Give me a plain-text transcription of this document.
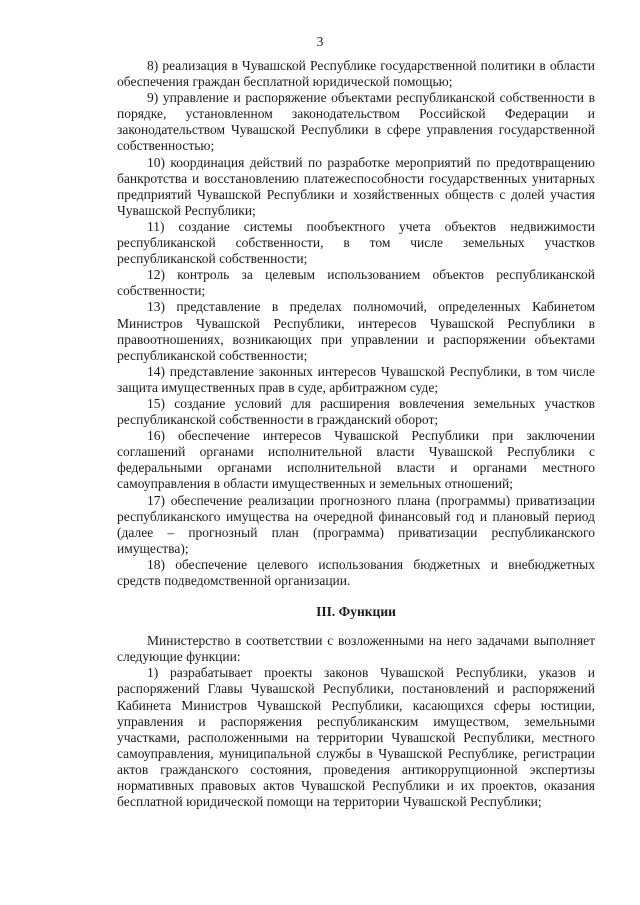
3

8) реализация в Чувашской Республике государственной политики в области обеспечения граждан бесплатной юридической помощью;

9) управление и распоряжение объектами республиканской собственности в порядке, установленном законодательством Российской Федерации и законодательством Чувашской Республики в сфере управления государственной собственностью;

10) координация действий по разработке мероприятий по предотвращению банкротства и восстановлению платежеспособности государственных унитарных предприятий Чувашской Республики и хозяйственных обществ с долей участия Чувашской Республики;

11) создание системы пообъектного учета объектов недвижимости республиканской собственности, в том числе земельных участков республиканской собственности;

12) контроль за целевым использованием объектов республиканской собственности;

13) представление в пределах полномочий, определенных Кабинетом Министров Чувашской Республики, интересов Чувашской Республики в правоотношениях, возникающих при управлении и распоряжении объектами республиканской собственности;

14) представление законных интересов Чувашской Республики, в том числе защита имущественных прав в суде, арбитражном суде;

15) создание условий для расширения вовлечения земельных участков республиканской собственности в гражданский оборот;

16) обеспечение интересов Чувашской Республики при заключении соглашений органами исполнительной власти Чувашской Республики с федеральными органами исполнительной власти и органами местного самоуправления в области имущественных и земельных отношений;

17) обеспечение реализации прогнозного плана (программы) приватизации республиканского имущества на очередной финансовый год и плановый период (далее – прогнозный план (программа) приватизации республиканского имущества);

18) обеспечение целевого использования бюджетных и внебюджетных средств подведомственной организации.

III. Функции

Министерство в соответствии с возложенными на него задачами выполняет следующие функции:

1) разрабатывает проекты законов Чувашской Республики, указов и распоряжений Главы Чувашской Республики, постановлений и распоряжений Кабинета Министров Чувашской Республики, касающихся сферы юстиции, управления и распоряжения республиканским имуществом, земельными участками, расположенными на территории Чувашской Республики, местного самоуправления, муниципальной службы в Чувашской Республике, регистрации актов гражданского состояния, проведения антикоррупционной экспертизы нормативных правовых актов Чувашской Республики и их проектов, оказания бесплатной юридической помощи на территории Чувашской Республики;
